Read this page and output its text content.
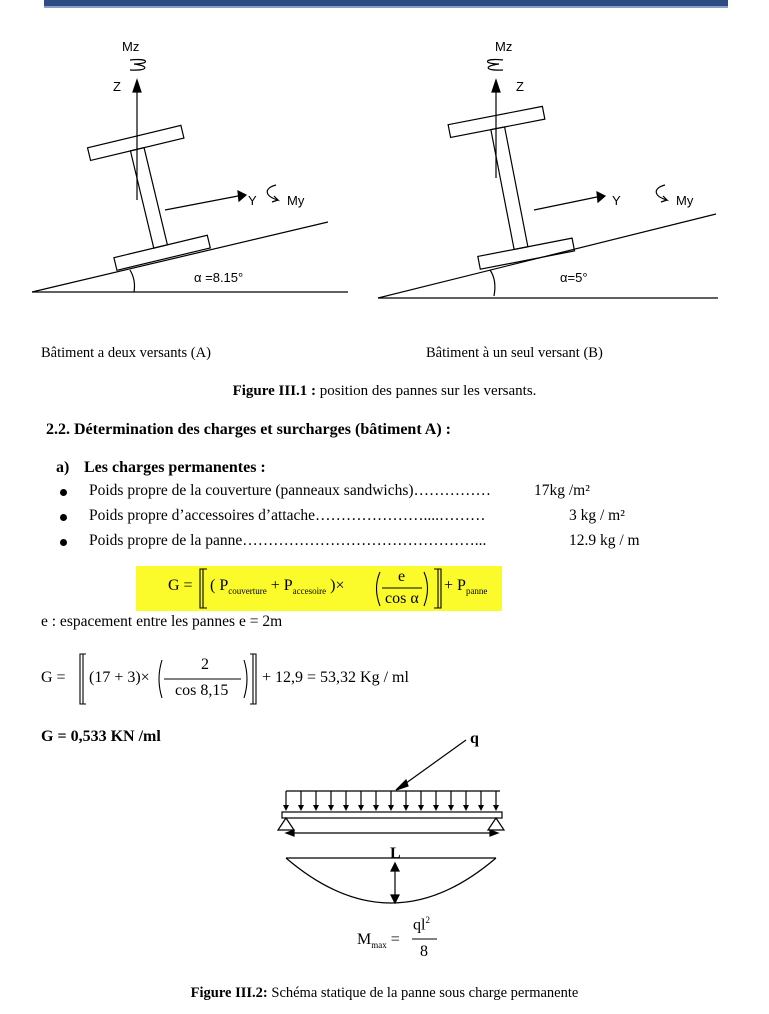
Mz
Z
Y My
α =8.15°
Mz
Z
Y	My
α=5°
Bâtiment a deux versants (A)	Bâtiment à un seul versant (B)
Figure III.1 : position des pannes sur les versants.
2.2. Détermination des charges et surcharges (bâtiment A) :
a) Les charges permanentes :
Poids propre de la couverture (panneaux sandwichs)……………	17kg /m²
Poids propre d’accessoires d’attache…………………....………	3 kg / m²
Poids propre de la panne………………………………………...	12.9 kg / m
G = ( $P_{couverture} + P_{accesoire}$ )×
e
cos α
+ $P_{panne}$
e : espacement entre les pannes e = 2m
G = (17 + 3)×
2
cos 8,15
+ 12,9 = 53,32 Kg / ml
G = 0,533 KN /ml	q
L
$M_{max}$ =
$ql^2$
8
Figure III.2: Schéma statique de la panne sous charge permanente
